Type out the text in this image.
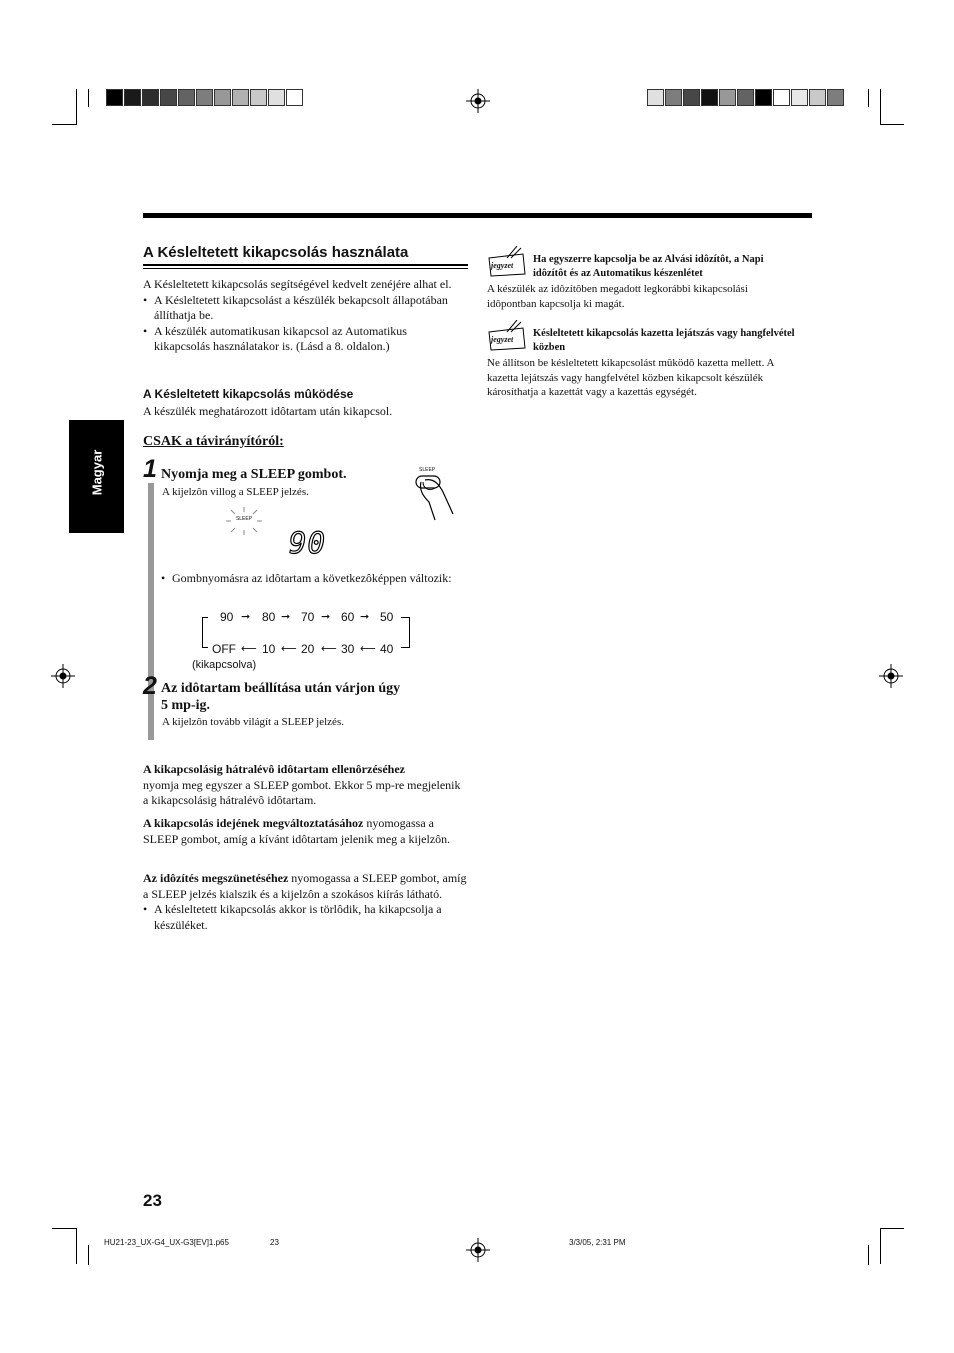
Magyar
A Késleltetett kikapcsolás használata
A Késleltetett kikapcsolás segítségével kedvelt zenéjére alhat el.
• A Késleltetett kikapcsolást a készülék bekapcsolt állapotában állíthatja be.
• A készülék automatikusan kikapcsol az Automatikus kikapcsolás használatakor is. (Lásd a 8. oldalon.)
A Késleltetett kikapcsolás mûködése
A készülék meghatározott idôtartam után kikapcsol.
CSAK a távirányítóról:
1 Nyomja meg a SLEEP gombot.
A kijelzôn villog a SLEEP jelzés.
SLEEP
SLEEP
90
• Gombnyomásra az idôtartam a következôképpen változik:
90 80 70 60 50
➞	➞	➞	➞
OFF 10 20 30 40
⟵ ⟵ ⟵ ⟵
(kikapcsolva)
2 Az idôtartam beállítása után várjon úgy
5 mp-ig.
A kijelzôn tovább világít a SLEEP jelzés.
A kikapcsolásig hátralévô idôtartam ellenôrzéséhez
nyomja meg egyszer a SLEEP gombot. Ekkor 5 mp-re megjelenik a kikapcsolásig hátralévô idôtartam.
A kikapcsolás idejének megváltoztatásához nyomogassa a SLEEP gombot, amíg a kívánt idôtartam jelenik meg a kijelzôn.
Az idôzítés megszünetéséhez nyomogassa a SLEEP gombot, amíg a SLEEP jelzés kialszik és a kijelzôn a szokásos kiírás látható.
• A késleltetett kikapcsolás akkor is törlôdik, ha kikapcsolja a készüléket.
jegyzet
Ha egyszerre kapcsolja be az Alvási idôzítôt, a Napi idôzítôt és az Automatikus készenlétet
A készülék az idôzítôben megadott legkorábbi kikapcsolási idôpontban kapcsolja ki magát.
jegyzet
Késleltetett kikapcsolás kazetta lejátszás vagy hangfelvétel közben
Ne állítson be késleltetett kikapcsolást mûködô kazetta mellett. A kazetta lejátszás vagy hangfelvétel közben kikapcsolt készülék károsíthatja a kazettát vagy a kazettás egységét.
23
HU21-23_UX-G4_UX-G3[EV]1.p65	23	3/3/05, 2:31 PM
